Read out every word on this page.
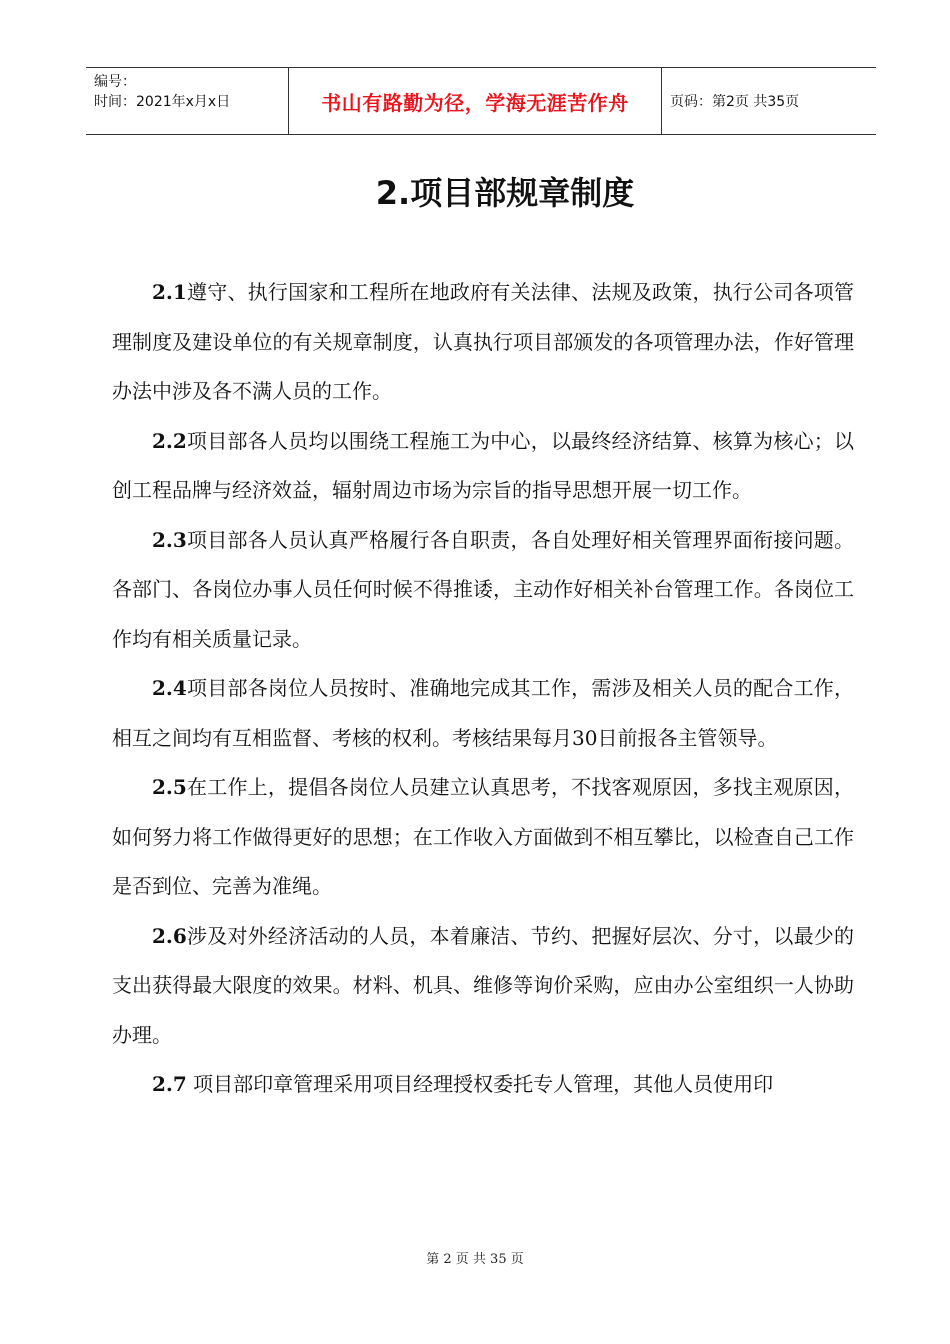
编号：
时间：2021年x月x日	书山有路勤为径，学海无涯苦作舟	页码：第2页 共35页
2.项目部规章制度

2.1遵守、执行国家和工程所在地政府有关法律、法规及政策，执行公司各项管理制度及建设单位的有关规章制度，认真执行项目部颁发的各项管理办法，作好管理办法中涉及各不满人员的工作。

2.2项目部各人员均以围绕工程施工为中心，以最终经济结算、核算为核心；以创工程品牌与经济效益，辐射周边市场为宗旨的指导思想开展一切工作。

2.3项目部各人员认真严格履行各自职责，各自处理好相关管理界面衔接问题。各部门、各岗位办事人员任何时候不得推诿，主动作好相关补台管理工作。各岗位工作均有相关质量记录。

2.4项目部各岗位人员按时、准确地完成其工作，需涉及相关人员的配合工作，相互之间均有互相监督、考核的权利。考核结果每月30日前报各主管领导。

2.5在工作上，提倡各岗位人员建立认真思考，不找客观原因，多找主观原因，如何努力将工作做得更好的思想；在工作收入方面做到不相互攀比，以检查自己工作是否到位、完善为准绳。

2.6涉及对外经济活动的人员，本着廉洁、节约、把握好层次、分寸，以最少的支出获得最大限度的效果。材料、机具、维修等询价采购，应由办公室组织一人协助办理。

2.7 项目部印章管理采用项目经理授权委托专人管理，其他人员使用印

第 2 页 共 35 页
